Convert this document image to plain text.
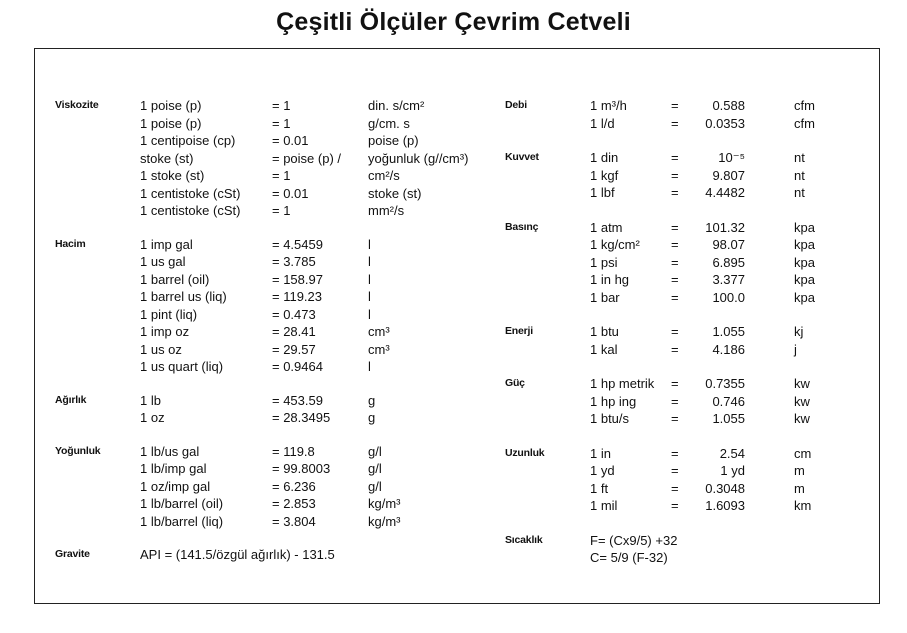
Çeşitli Ölçüler Çevrim Cetveli
Viskozite	1 poise (p)	= 1	din. s/cm²
1 poise (p)	= 1	g/cm. s
1 centipoise (cp)	= 0.01	poise (p)
stoke (st)	= poise (p) / yoğunluk (g//cm³)
1 stoke (st)	= 1	cm²/s
1 centistoke (cSt) = 0.01	stoke (st)
1 centistoke (cSt) = 1	mm²/s
Hacim	1 imp gal	= 4.5459	l
1 us gal	= 3.785	l
1 barrel (oil)	= 158.97	l
1 barrel us (liq)	= 119.23	l
1 pint (liq)	= 0.473	l
1 imp oz	= 28.41	cm³
1 us oz	= 29.57	cm³
1 us quart (liq)	= 0.9464	l
Ağırlık	1 lb	= 453.59	g
1 oz	= 28.3495	g
Yoğunluk	1 lb/us gal	= 119.8	g/l
1 lb/imp gal	= 99.8003	g/l
1 oz/imp gal	= 6.236	g/l
1 lb/barrel (oil)	= 2.853	kg/m³
1 lb/barrel (liq)	= 3.804	kg/m³
Gravite	API = (141.5/özgül ağırlık) - 131.5
Debi	1 m³/h	=	0.588	cfm
1 l/d	=	0.0353	cfm
Kuvvet	1 din	=	10⁻⁵	nt
1 kgf	=	9.807	nt
1 lbf	=	4.4482	nt
Basınç	1 atm	=	101.32	kpa
1 kg/cm² =	98.07	kpa
1 psi	=	6.895	kpa
1 in hg	=	3.377	kpa
1 bar	=	100.0	kpa
Enerji	1 btu	=	1.055	kj
1 kal	=	4.186	j
Güç	1 hp metrik =	0.7355	kw
1 hp ing	=	0.746	kw
1 btu/s	=	1.055	kw
Uzunluk	1 in	=	2.54	cm
1 yd	=	1 yd	m
1 ft	=	0.3048	m
1 mil	=	1.6093	km
Sıcaklık	F= (Cx9/5) +32
C= 5/9 (F-32)
